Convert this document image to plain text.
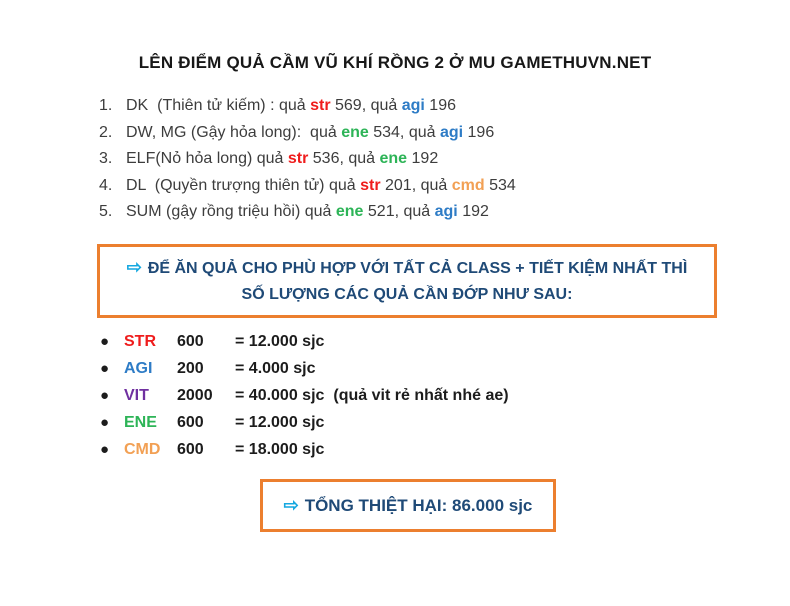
LÊN ĐIỂM QUẢ CẦM VŨ KHÍ RỒNG 2 Ở MU GAMETHUVN.NET
1. DK  (Thiên tử kiếm) : quả str 569, quả agi 196
2. DW, MG (Gậy hỏa long):  quả ene 534, quả agi 196
3. ELF(Nỏ hỏa long) quả str 536, quả ene 192
4. DL  (Quyền trượng thiên tử) quả str 201, quả cmd 534
5. SUM (gậy rồng triệu hồi) quả ene 521, quả agi 192
⇨ ĐỂ ĂN QUẢ CHO PHÙ HỢP VỚI TẤT CẢ CLASS + TIẾT KIỆM NHẤT THÌ SỐ LƯỢNG CÁC QUẢ CẦN ĐỚP NHƯ SAU:
● STR	600	= 12.000 sjc
● AGI	200	= 4.000 sjc
● VIT	2000	= 40.000 sjc (quả vit rẻ nhất nhé ae)
● ENE	600	= 12.000 sjc
● CMD	600	= 18.000 sjc
⇨ TỔNG THIỆT HẠI: 86.000 sjc
